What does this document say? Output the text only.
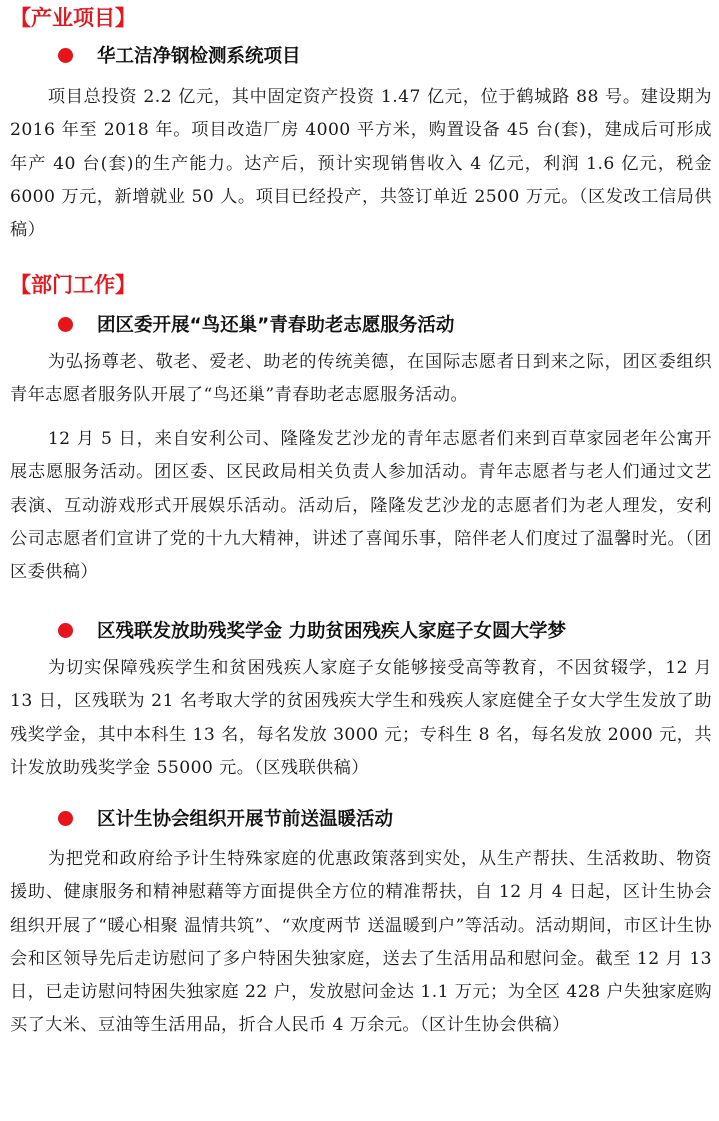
【产业项目】
华工洁净钢检测系统项目
项目总投资 2.2 亿元，其中固定资产投资 1.47 亿元，位于鹤城路 88 号。建设期为 2016 年至 2018 年。项目改造厂房 4000 平方米，购置设备 45 台(套)，建成后可形成年产 40 台(套)的生产能力。达产后，预计实现销售收入 4 亿元，利润 1.6 亿元，税金 6000 万元，新增就业 50 人。项目已经投产，共签订单近 2500 万元。（区发改工信局供稿）
【部门工作】
团区委开展“鸟还巢”青春助老志愿服务活动
为弘扬尊老、敬老、爱老、助老的传统美德，在国际志愿者日到来之际，团区委组织青年志愿者服务队开展了“鸟还巢”青春助老志愿服务活动。
12 月 5 日，来自安利公司、隆隆发艺沙龙的青年志愿者们来到百草家园老年公寓开展志愿服务活动。团区委、区民政局相关负责人参加活动。青年志愿者与老人们通过文艺表演、互动游戏形式开展娱乐活动。活动后，隆隆发艺沙龙的志愿者们为老人理发，安利公司志愿者们宣讲了党的十九大精神，讲述了喜闻乐事，陪伴老人们度过了温馨时光。（团区委供稿）
区残联发放助残奖学金 力助贫困残疾人家庭子女圆大学梦
为切实保障残疾学生和贫困残疾人家庭子女能够接受高等教育，不因贫辍学，12 月 13 日，区残联为 21 名考取大学的贫困残疾大学生和残疾人家庭健全子女大学生发放了助残奖学金，其中本科生 13 名，每名发放 3000 元；专科生 8 名，每名发放 2000 元，共计发放助残奖学金 55000 元。（区残联供稿）
区计生协会组织开展节前送温暖活动
为把党和政府给予计生特殊家庭的优惠政策落到实处，从生产帮扶、生活救助、物资援助、健康服务和精神慰藉等方面提供全方位的精准帮扶，自 12 月 4 日起，区计生协会组织开展了“暖心相聚 温情共筑”、“欢度两节 送温暖到户”等活动。活动期间，市区计生协会和区领导先后走访慰问了多户特困失独家庭，送去了生活用品和慰问金。截至 12 月 13 日，已走访慰问特困失独家庭 22 户，发放慰问金达 1.1 万元；为全区 428 户失独家庭购买了大米、豆油等生活用品，折合人民币 4 万余元。（区计生协会供稿）
